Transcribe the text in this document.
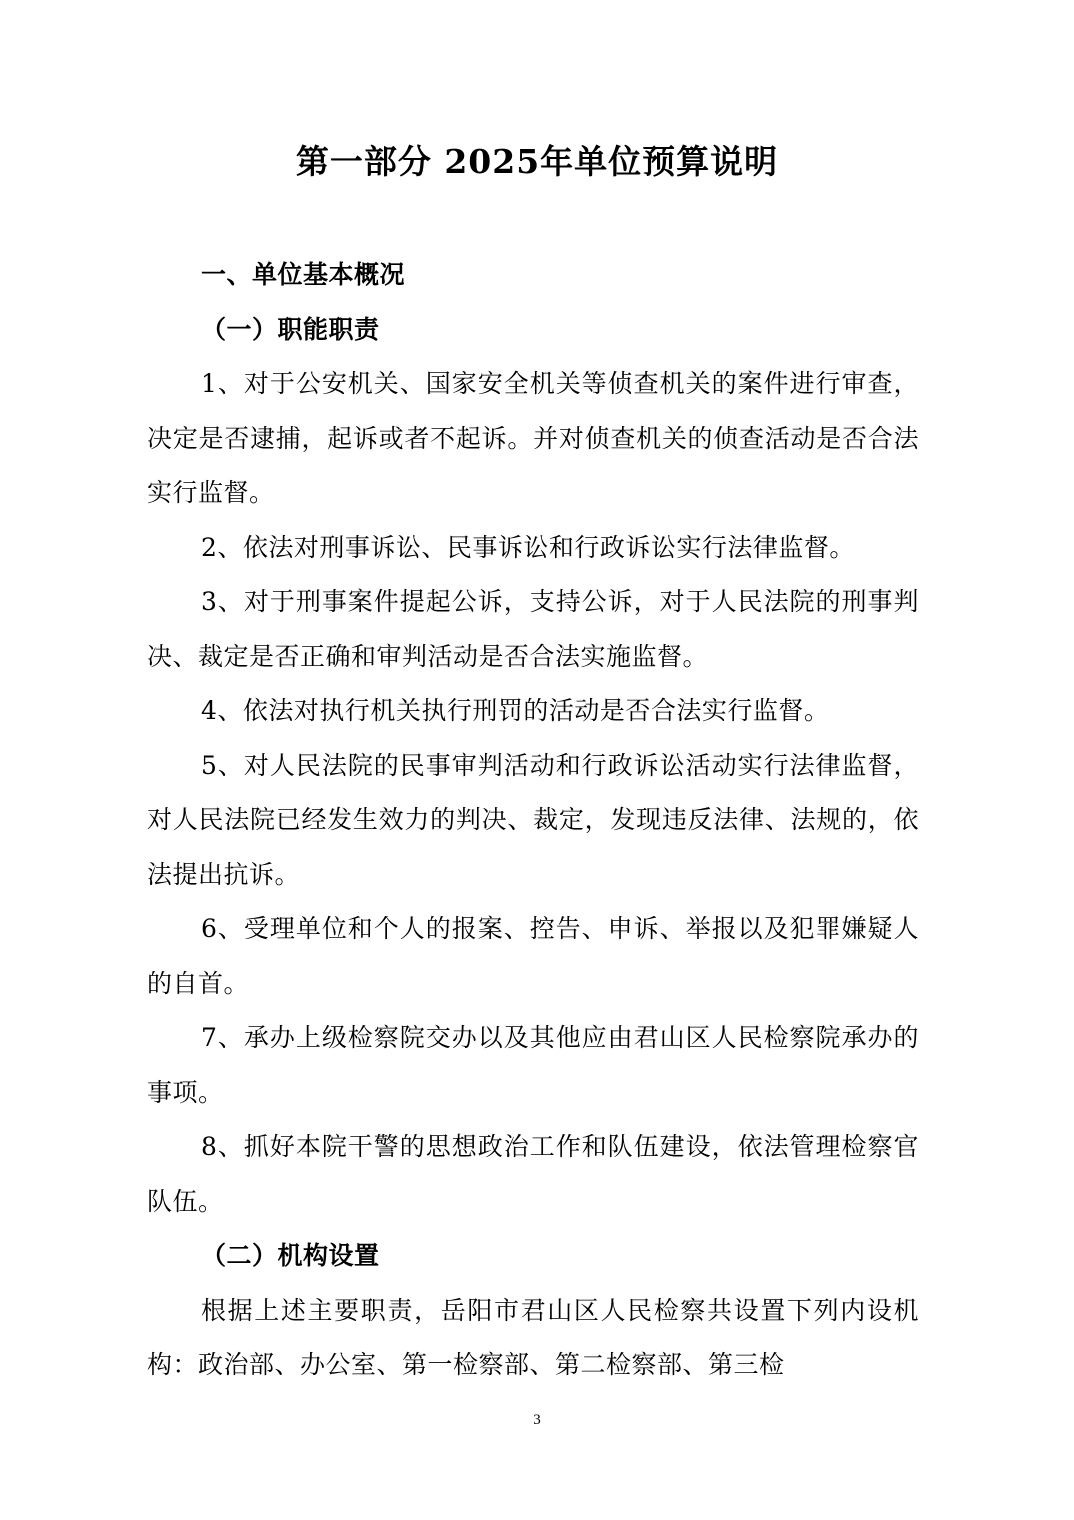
第一部分 2025年单位预算说明

一、单位基本概况

（一）职能职责

1、对于公安机关、国家安全机关等侦查机关的案件进行审查，决定是否逮捕，起诉或者不起诉。并对侦查机关的侦查活动是否合法实行监督。

2、依法对刑事诉讼、民事诉讼和行政诉讼实行法律监督。

3、对于刑事案件提起公诉，支持公诉，对于人民法院的刑事判决、裁定是否正确和审判活动是否合法实施监督。

4、依法对执行机关执行刑罚的活动是否合法实行监督。

5、对人民法院的民事审判活动和行政诉讼活动实行法律监督，对人民法院已经发生效力的判决、裁定，发现违反法律、法规的，依法提出抗诉。

6、受理单位和个人的报案、控告、申诉、举报以及犯罪嫌疑人的自首。

7、承办上级检察院交办以及其他应由君山区人民检察院承办的事项。

8、抓好本院干警的思想政治工作和队伍建设，依法管理检察官队伍。

（二）机构设置

根据上述主要职责，岳阳市君山区人民检察共设置下列内设机构：政治部、办公室、第一检察部、第二检察部、第三检

3
